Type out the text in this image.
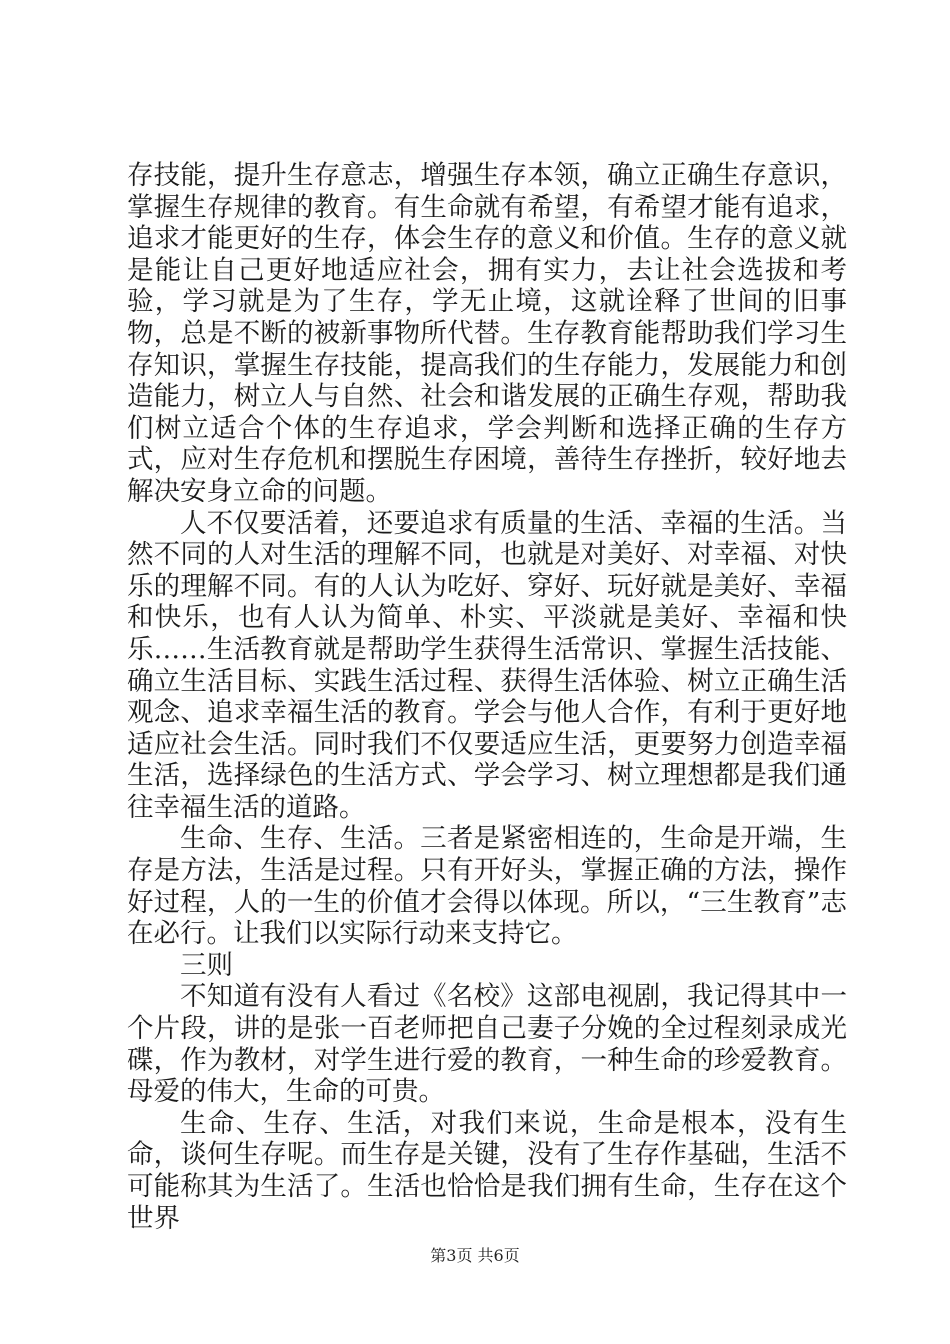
存技能，提升生存意志，增强生存本领，确立正确生存意识，掌握生存规律的教育。有生命就有希望，有希望才能有追求，追求才能更好的生存，体会生存的意义和价值。生存的意义就是能让自己更好地适应社会，拥有实力，去让社会选拔和考验，学习就是为了生存，学无止境，这就诠释了世间的旧事物，总是不断的被新事物所代替。生存教育能帮助我们学习生存知识，掌握生存技能，提高我们的生存能力，发展能力和创造能力，树立人与自然、社会和谐发展的正确生存观，帮助我们树立适合个体的生存追求，学会判断和选择正确的生存方式，应对生存危机和摆脱生存困境，善待生存挫折，较好地去解决安身立命的问题。

人不仅要活着，还要追求有质量的生活、幸福的生活。当然不同的人对生活的理解不同，也就是对美好、对幸福、对快乐的理解不同。有的人认为吃好、穿好、玩好就是美好、幸福和快乐，也有人认为简单、朴实、平淡就是美好、幸福和快乐……生活教育就是帮助学生获得生活常识、掌握生活技能、确立生活目标、实践生活过程、获得生活体验、树立正确生活观念、追求幸福生活的教育。学会与他人合作，有利于更好地适应社会生活。同时我们不仅要适应生活，更要努力创造幸福生活，选择绿色的生活方式、学会学习、树立理想都是我们通往幸福生活的道路。

生命、生存、生活。三者是紧密相连的，生命是开端，生存是方法，生活是过程。只有开好头，掌握正确的方法，操作好过程，人的一生的价值才会得以体现。所以，“三生教育”志在必行。让我们以实际行动来支持它。

三则

不知道有没有人看过《名校》这部电视剧，我记得其中一个片段，讲的是张一百老师把自己妻子分娩的全过程刻录成光碟，作为教材，对学生进行爱的教育，一种生命的珍爱教育。母爱的伟大，生命的可贵。

生命、生存、生活，对我们来说，生命是根本，没有生命，谈何生存呢。而生存是关键，没有了生存作基础，生活不可能称其为生活了。生活也恰恰是我们拥有生命，生存在这个世界

第3页 共6页
